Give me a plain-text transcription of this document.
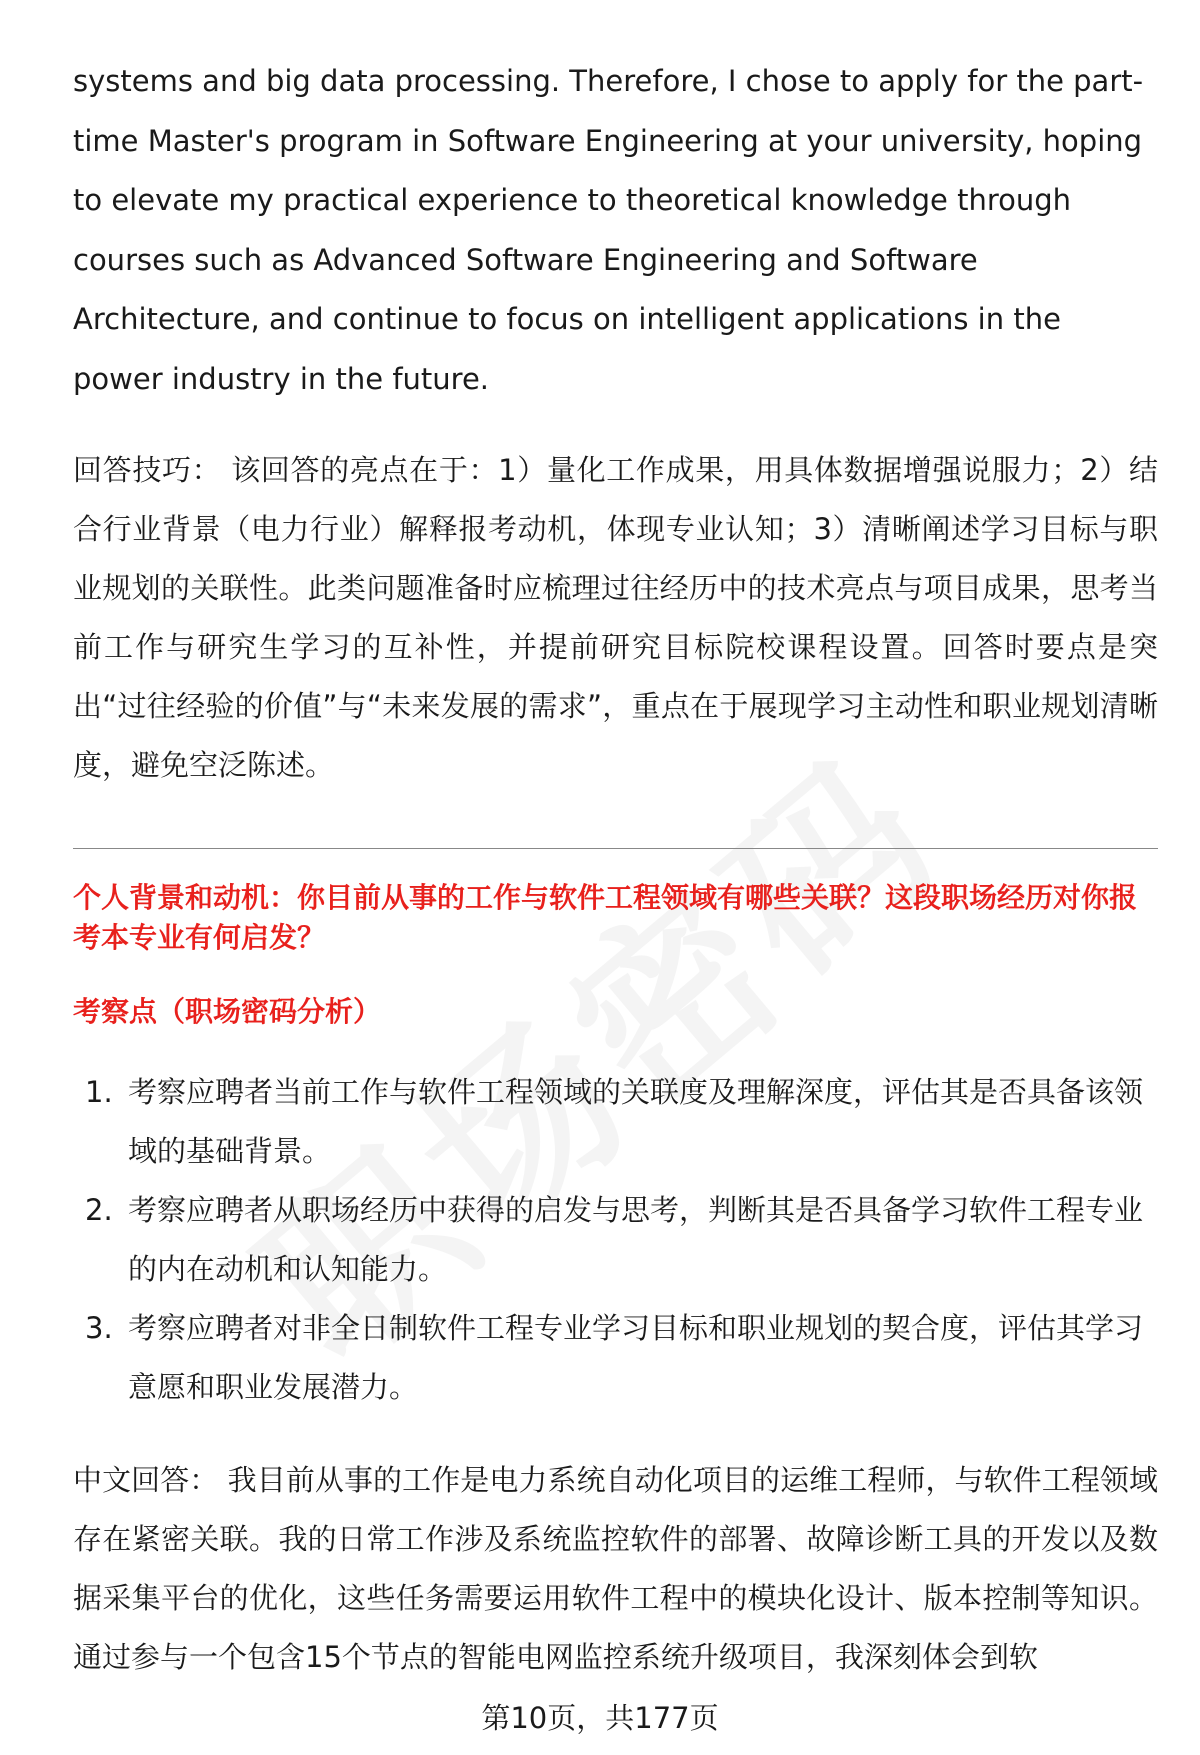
systems and big data processing. Therefore, I chose to apply for the part-time Master's program in Software Engineering at your university, hoping to elevate my practical experience to theoretical knowledge through courses such as Advanced Software Engineering and Software Architecture, and continue to focus on intelligent applications in the power industry in the future.

回答技巧： 该回答的亮点在于：1）量化工作成果，用具体数据增强说服力；2）结合行业背景（电力行业）解释报考动机，体现专业认知；3）清晰阐述学习目标与职业规划的关联性。此类问题准备时应梳理过往经历中的技术亮点与项目成果，思考当前工作与研究生学习的互补性，并提前研究目标院校课程设置。回答时要点是突出“过往经验的价值”与“未来发展的需求”，重点在于展现学习主动性和职业规划清晰度，避免空泛陈述。

个人背景和动机：你目前从事的工作与软件工程领域有哪些关联？这段职场经历对你报考本专业有何启发？
考察点（职场密码分析）
1. 考察应聘者当前工作与软件工程领域的关联度及理解深度，评估其是否具备该领域的基础背景。
2. 考察应聘者从职场经历中获得的启发与思考，判断其是否具备学习软件工程专业的内在动机和认知能力。
3. 考察应聘者对非全日制软件工程专业学习目标和职业规划的契合度，评估其学习意愿和职业发展潜力。

中文回答： 我目前从事的工作是电力系统自动化项目的运维工程师，与软件工程领域存在紧密关联。我的日常工作涉及系统监控软件的部署、故障诊断工具的开发以及数据采集平台的优化，这些任务需要运用软件工程中的模块化设计、版本控制等知识。通过参与一个包含15个节点的智能电网监控系统升级项目，我深刻体会到软

第10页，共177页
